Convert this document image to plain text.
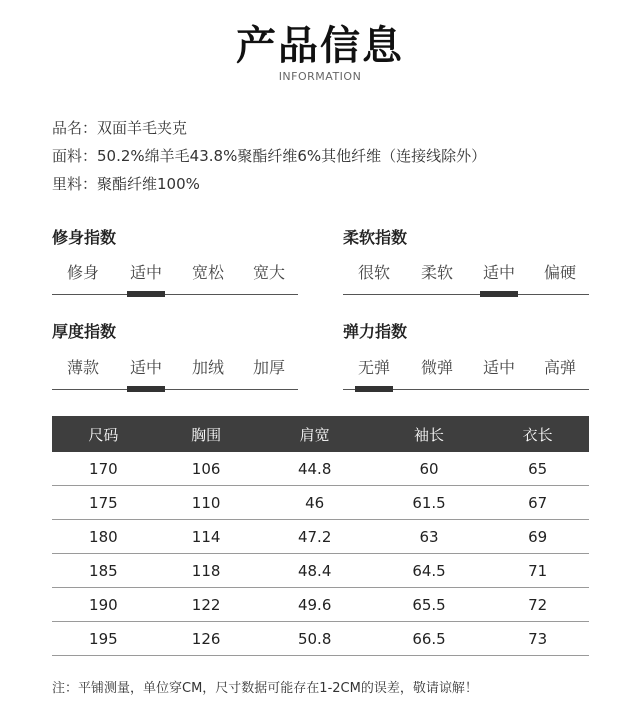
产品信息
INFORMATION
品名：双面羊毛夹克
面料：50.2%绵羊毛43.8%聚酯纤维6%其他纤维（连接线除外）
里料：聚酯纤维100%
修身指数
修身	适中	宽松	宽大
柔软指数
很软	柔软	适中	偏硬
厚度指数
薄款	适中	加绒	加厚
弹力指数
无弹	微弹	适中	高弹
尺码	胸围	肩宽	袖长	衣长
170	106	44.8	60	65
175	110	46	61.5	67
180	114	47.2	63	69
185	118	48.4	64.5	71
190	122	49.6	65.5	72
195	126	50.8	66.5	73
注：平铺测量，单位穿CM，尺寸数据可能存在1-2CM的误差，敬请谅解！
